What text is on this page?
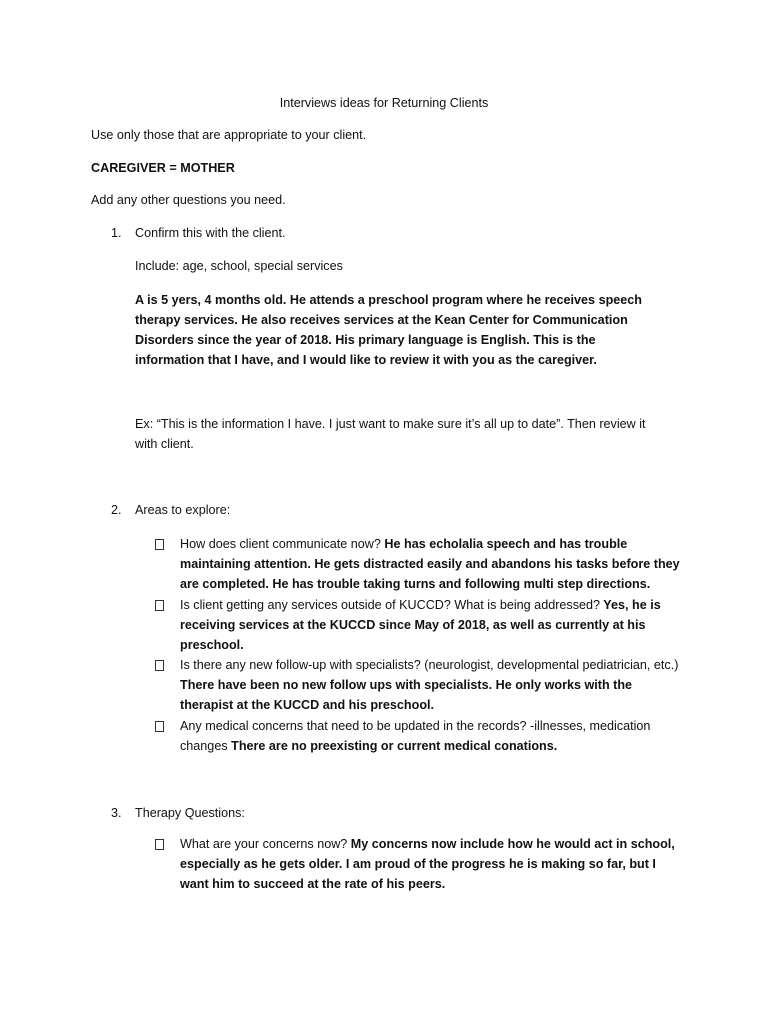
Interviews ideas for Returning Clients
Use only those that are appropriate to your client.
CAREGIVER = MOTHER
Add any other questions you need.
1. Confirm this with the client.
Include: age, school, special services
A is 5 yers, 4 months old. He attends a preschool program where he receives speech therapy services. He also receives services at the Kean Center for Communication Disorders since the year of 2018. His primary language is English. This is the information that I have, and I would like to review it with you as the caregiver.
Ex: “This is the information I have. I just want to make sure it’s all up to date”. Then review it with client.
2. Areas to explore:
How does client communicate now? He has echolalia speech and has trouble maintaining attention. He gets distracted easily and abandons his tasks before they are completed. He has trouble taking turns and following multi step directions.
Is client getting any services outside of KUCCD? What is being addressed? Yes, he is receiving services at the KUCCD since May of 2018, as well as currently at his preschool.
Is there any new follow-up with specialists? (neurologist, developmental pediatrician, etc.) There have been no new follow ups with specialists. He only works with the therapist at the KUCCD and his preschool.
Any medical concerns that need to be updated in the records? -illnesses, medication changes There are no preexisting or current medical conations.
3. Therapy Questions:
What are your concerns now? My concerns now include how he would act in school, especially as he gets older. I am proud of the progress he is making so far, but I want him to succeed at the rate of his peers.
